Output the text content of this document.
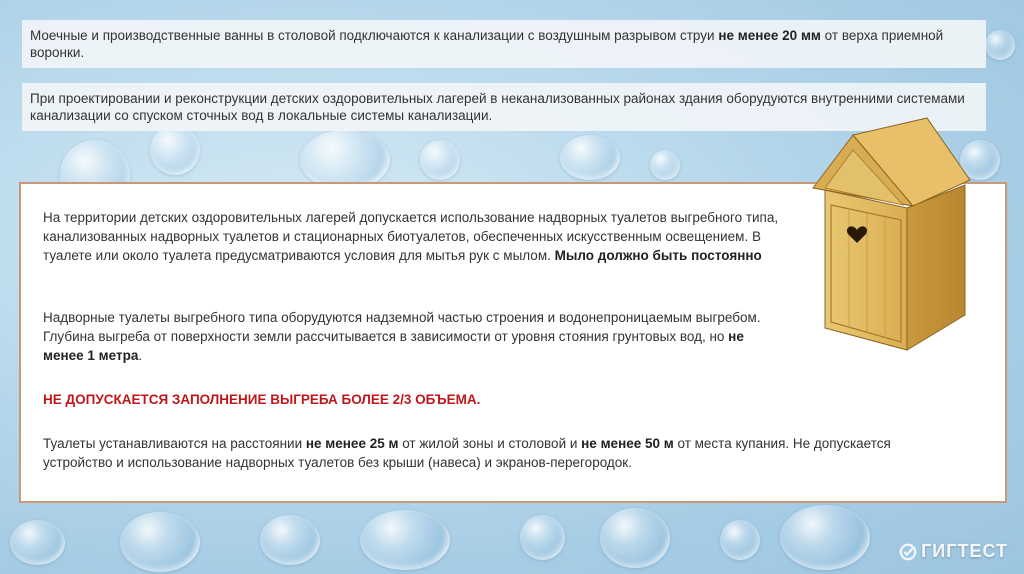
Моечные и производственные ванны в столовой подключаются к канализации с воздушным разрывом струи не менее 20 мм от верха приемной воронки.
При проектировании и реконструкции детских оздоровительных лагерей в неканализованных районах здания оборудуются внутренними системами канализации со спуском сточных вод в локальные системы канализации.
На территории детских оздоровительных лагерей допускается использование надворных туалетов выгребного типа, канализованных надворных туалетов и стационарных биотуалетов, обеспеченных искусственным освещением. В туалете или около туалета предусматриваются условия для мытья рук с мылом. Мыло должно быть постоянно
Надворные туалеты выгребного типа оборудуются надземной частью строения и водонепроницаемым выгребом. Глубина выгреба от поверхности земли рассчитывается в зависимости от уровня стояния грунтовых вод, но не менее 1 метра.
НЕ ДОПУСКАЕТСЯ ЗАПОЛНЕНИЕ ВЫГРЕБА БОЛЕЕ 2/3 ОБЪЕМА.
Туалеты устанавливаются на расстоянии не менее 25 м от жилой зоны и столовой и не менее 50 м от места купания. Не допускается устройство и использование надворных туалетов без крыши (навеса) и экранов-перегородок.
ГИГТЕСТ
